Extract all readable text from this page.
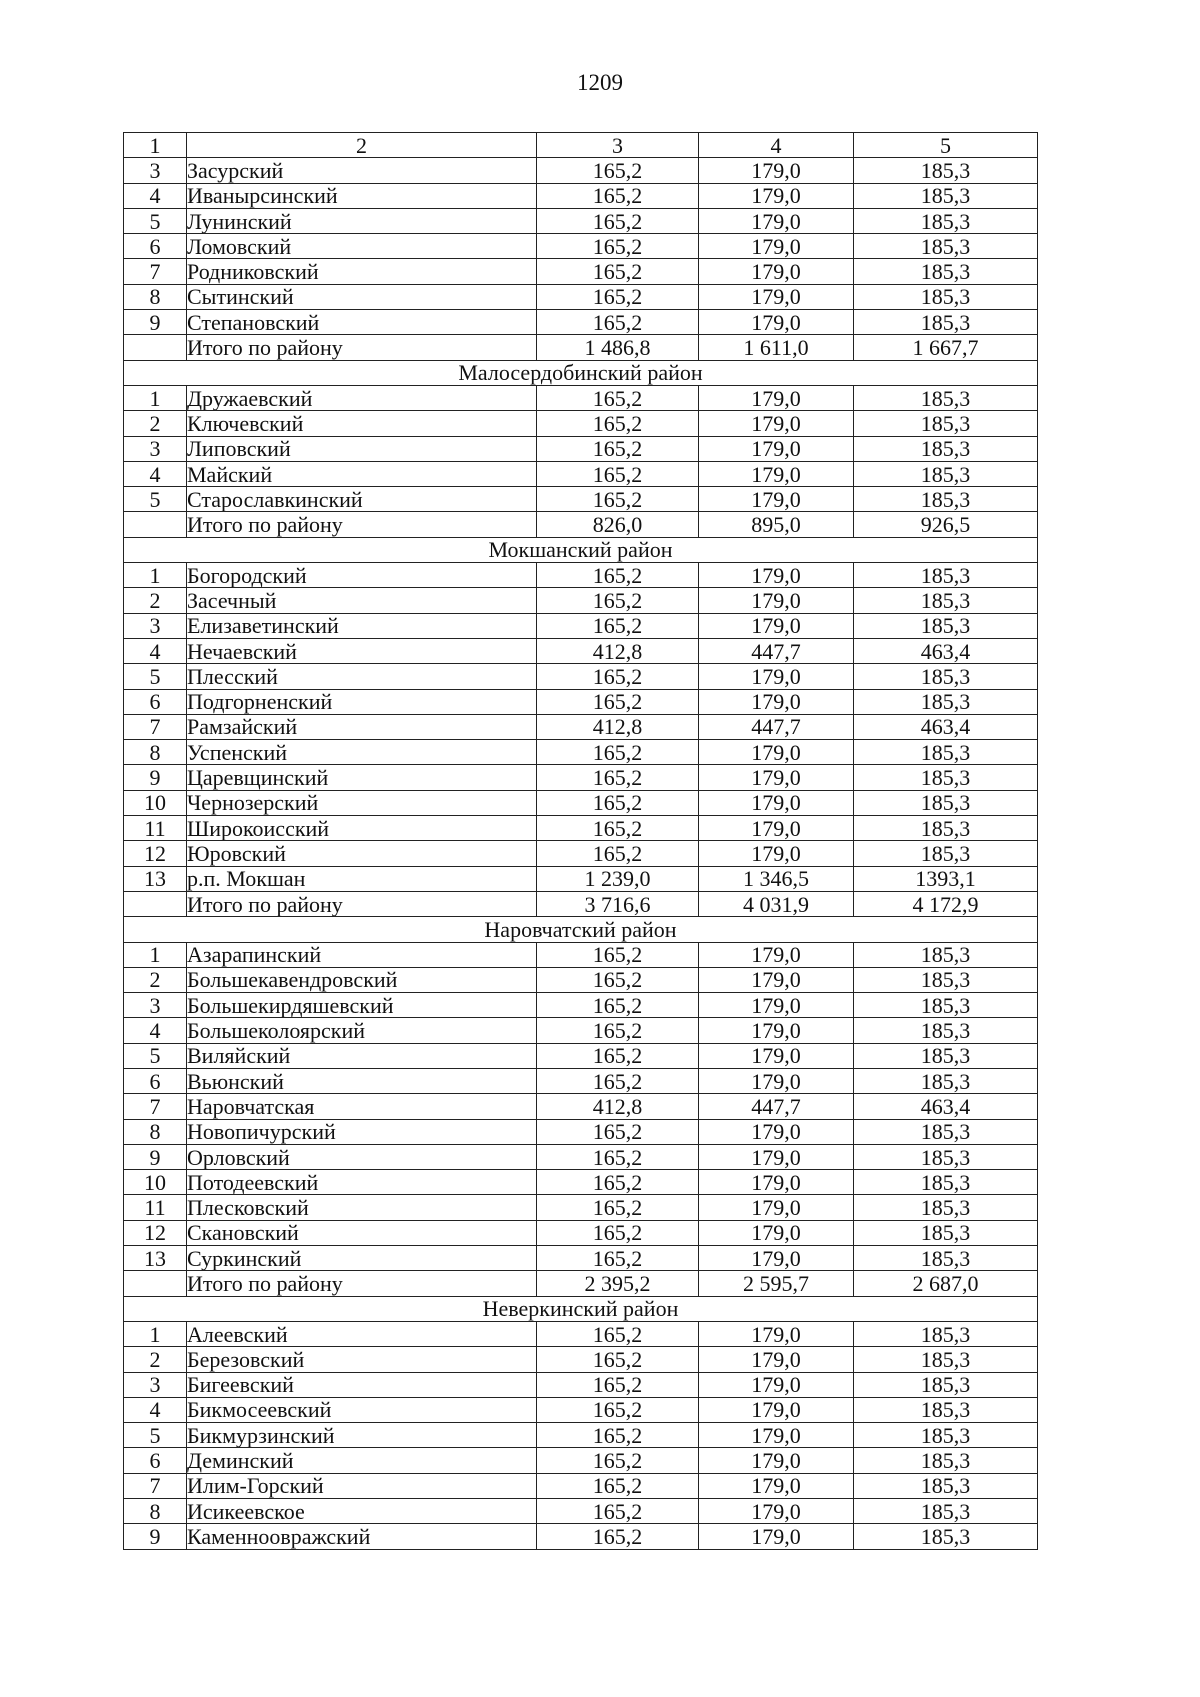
1209
1	2	3	4	5
3	Засурский	165,2	179,0	185,3
4	Иванырсинский	165,2	179,0	185,3
5	Лунинский	165,2	179,0	185,3
6	Ломовский	165,2	179,0	185,3
7	Родниковский	165,2	179,0	185,3
8	Сытинский	165,2	179,0	185,3
9	Степановский	165,2	179,0	185,3
	Итого по району	1 486,8	1 611,0	1 667,7
Малосердобинский район				
1	Дружаевский	165,2	179,0	185,3
2	Ключевский	165,2	179,0	185,3
3	Липовский	165,2	179,0	185,3
4	Майский	165,2	179,0	185,3
5	Старославкинский	165,2	179,0	185,3
	Итого по району	826,0	895,0	926,5
Мокшанский район				
1	Богородский	165,2	179,0	185,3
2	Засечный	165,2	179,0	185,3
3	Елизаветинский	165,2	179,0	185,3
4	Нечаевский	412,8	447,7	463,4
5	Плесский	165,2	179,0	185,3
6	Подгорненский	165,2	179,0	185,3
7	Рамзайский	412,8	447,7	463,4
8	Успенский	165,2	179,0	185,3
9	Царевщинский	165,2	179,0	185,3
10	Чернозерский	165,2	179,0	185,3
11	Широкоисский	165,2	179,0	185,3
12	Юровский	165,2	179,0	185,3
13	р.п. Мокшан	1 239,0	1 346,5	1393,1
	Итого по району	3 716,6	4 031,9	4 172,9
Наровчатский район				
1	Азарапинский	165,2	179,0	185,3
2	Большекавендровский	165,2	179,0	185,3
3	Большекирдяшевский	165,2	179,0	185,3
4	Большеколоярский	165,2	179,0	185,3
5	Виляйский	165,2	179,0	185,3
6	Вьюнский	165,2	179,0	185,3
7	Наровчатская	412,8	447,7	463,4
8	Новопичурский	165,2	179,0	185,3
9	Орловский	165,2	179,0	185,3
10	Потодеевский	165,2	179,0	185,3
11	Плесковский	165,2	179,0	185,3
12	Скановский	165,2	179,0	185,3
13	Суркинский	165,2	179,0	185,3
	Итого по району	2 395,2	2 595,7	2 687,0
Неверкинский район				
1	Алеевский	165,2	179,0	185,3
2	Березовский	165,2	179,0	185,3
3	Бигеевский	165,2	179,0	185,3
4	Бикмосеевский	165,2	179,0	185,3
5	Бикмурзинский	165,2	179,0	185,3
6	Деминский	165,2	179,0	185,3
7	Илим-Горский	165,2	179,0	185,3
8	Исикеевское	165,2	179,0	185,3
9	Каменноовражский	165,2	179,0	185,3
